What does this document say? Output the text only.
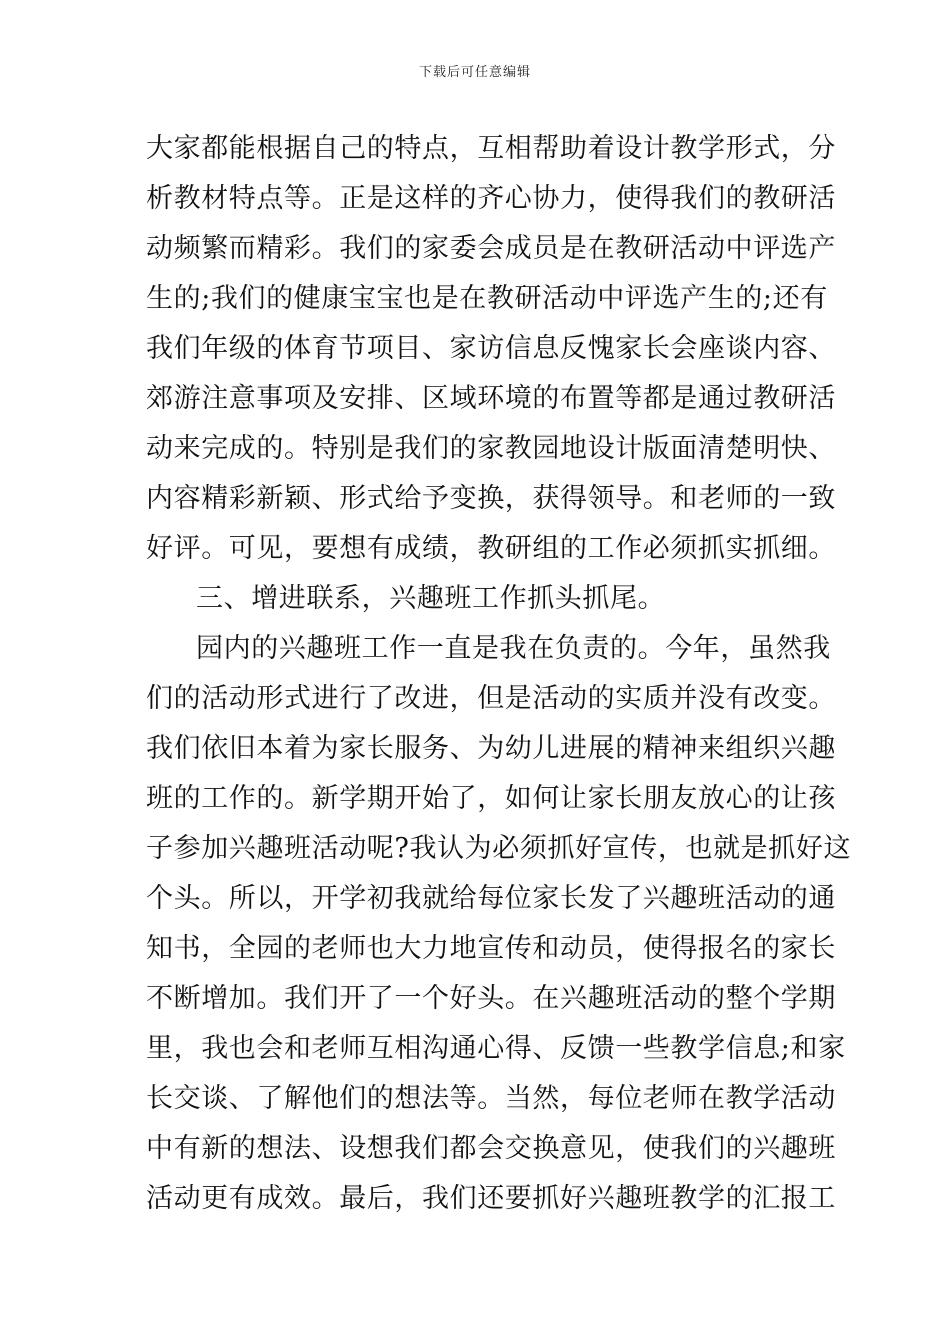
下载后可任意编辑
大家都能根据自己的特点，互相帮助着设计教学形式，分
析教材特点等。正是这样的齐心协力，使得我们的教研活
动频繁而精彩。我们的家委会成员是在教研活动中评选产
生的;我们的健康宝宝也是在教研活动中评选产生的;还有
我们年级的体育节项目、家访信息反愧家长会座谈内容、
郊游注意事项及安排、区域环境的布置等都是通过教研活
动来完成的。特别是我们的家教园地设计版面清楚明快、
内容精彩新颖、形式给予变换，获得领导。和老师的一致
好评。可见，要想有成绩，教研组的工作必须抓实抓细。
三、增进联系，兴趣班工作抓头抓尾。
园内的兴趣班工作一直是我在负责的。今年，虽然我
们的活动形式进行了改进，但是活动的实质并没有改变。
我们依旧本着为家长服务、为幼儿进展的精神来组织兴趣
班的工作的。新学期开始了，如何让家长朋友放心的让孩
子参加兴趣班活动呢?我认为必须抓好宣传，也就是抓好这
个头。所以，开学初我就给每位家长发了兴趣班活动的通
知书，全园的老师也大力地宣传和动员，使得报名的家长
不断增加。我们开了一个好头。在兴趣班活动的整个学期
里，我也会和老师互相沟通心得、反馈一些教学信息;和家
长交谈、了解他们的想法等。当然，每位老师在教学活动
中有新的想法、设想我们都会交换意见，使我们的兴趣班
活动更有成效。最后，我们还要抓好兴趣班教学的汇报工
